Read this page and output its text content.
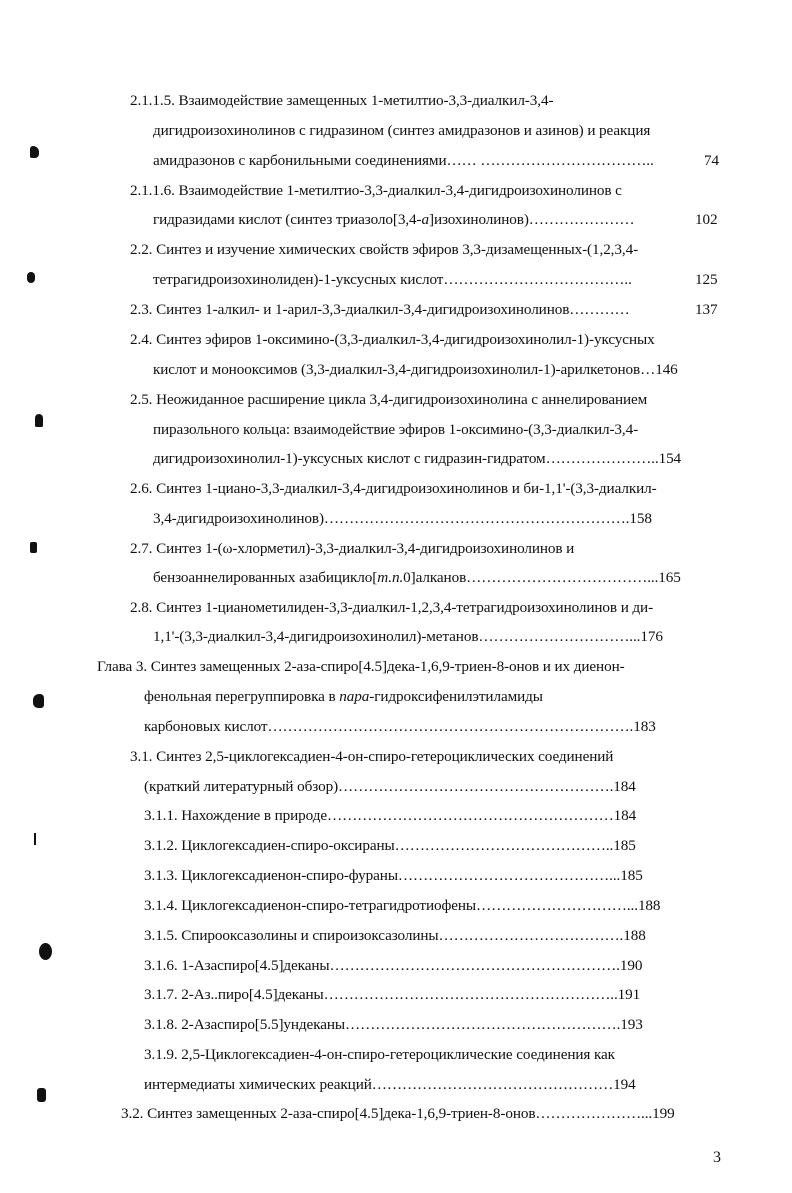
2.1.1.5. Взаимодействие замещенных 1-метилтио-3,3-диалкил-3,4-
дигидроизохинолинов с гидразином (синтез амидразонов и азинов) и реакция
амидразонов с карбонильными соединениями…… ……………………………..	74
2.1.1.6. Взаимодействие 1-метилтио-3,3-диалкил-3,4-дигидроизохинолинов с
гидразидами кислот (синтез триазоло[3,4-а]изохинолинов)…………………	102
2.2. Синтез и изучение химических свойств эфиров 3,3-дизамещенных-(1,2,3,4-
тетрагидроизохинолиден)-1-уксусных кислот………………………………..	125
2.3. Синтез 1-алкил- и 1-арил-3,3-диалкил-3,4-дигидроизохинолинов…………	137
2.4. Синтез эфиров 1-оксимино-(3,3-диалкил-3,4-дигидроизохинолил-1)-уксусных
кислот и монооксимов (3,3-диалкил-3,4-дигидроизохинолил-1)-арилкетонов…146
2.5. Неожиданное расширение цикла 3,4-дигидроизохинолина с аннелированием
пиразольного кольца: взаимодействие эфиров 1-оксимино-(3,3-диалкил-3,4-
дигидроизохинолил-1)-уксусных кислот с гидразин-гидратом…………………..154
2.6. Синтез 1-циано-3,3-диалкил-3,4-дигидроизохинолинов и би-1,1'-(3,3-диалкил-
3,4-дигидроизохинолинов)…………………………………………………….158
2.7. Синтез 1-(ω-хлорметил)-3,3-диалкил-3,4-дигидроизохинолинов и
бензоаннелированных азабицикло[т.п.0]алканов………………………………...165
2.8. Синтез 1-цианометилиден-3,3-диалкил-1,2,3,4-тетрагидроизохинолинов и ди-
1,1'-(3,3-диалкил-3,4-дигидроизохинолил)-метанов…………………………...176
Глава 3. Синтез замещенных 2-аза-спиро[4.5]дека-1,6,9-триен-8-онов и их диенон-
фенольная перегруппировка в пара-гидроксифенилэтиламиды
карбоновых кислот……………………………………………………………….183
3.1. Синтез 2,5-циклогексадиен-4-он-спиро-гетероциклических соединений
(краткий литературный обзор)……………………………………………….184
3.1.1. Нахождение в природе…………………………………………………184
3.1.2. Циклогексадиен-спиро-оксираны……………………………………..185
3.1.3. Циклогексадиенон-спиро-фураны……………………………………...185
3.1.4. Циклогексадиенон-спиро-тетрагидротиофены…………………………...188
3.1.5. Спирооксазолины и спироизоксазолины……………………………….188
3.1.6. 1-Азаспиро[4.5]деканы………………………………………………….190
3.1.7. 2-Аз..пиро[4.5]деканы…………………………………………………..191
3.1.8. 2-Азаспиро[5.5]ундеканы……………………………………………….193
3.1.9. 2,5-Циклогексадиен-4-он-спиро-гетероциклические соединения как
интермедиаты химических реакций…………………………………………194
3.2. Синтез замещенных 2-аза-спиро[4.5]дека-1,6,9-триен-8-онов…………………...199
3
